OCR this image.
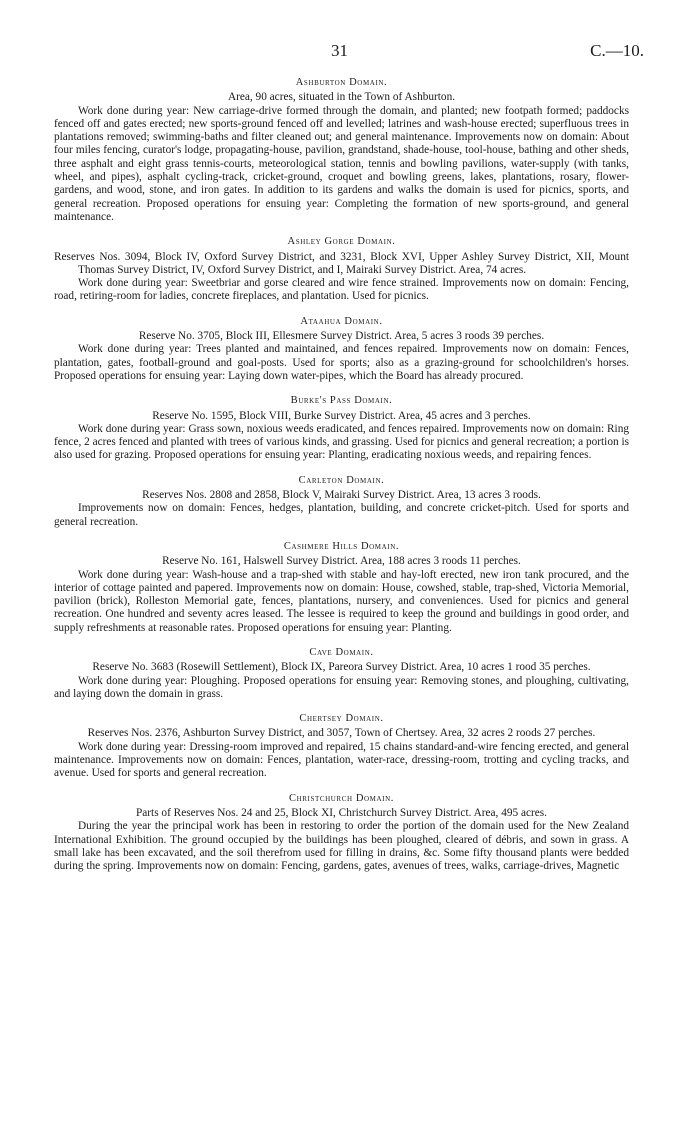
31	C.—10.
Ashburton Domain.

Area, 90 acres, situated in the Town of Ashburton.

Work done during year: New carriage-drive formed through the domain, and planted; new footpath formed; paddocks fenced off and gates erected; new sports-ground fenced off and levelled; latrines and wash-house erected; superfluous trees in plantations removed; swimming-baths and filter cleaned out; and general maintenance. Improvements now on domain: About four miles fencing, curator's lodge, propagating-house, pavilion, grandstand, shade-house, tool-house, bathing and other sheds, three asphalt and eight grass tennis-courts, meteorological station, tennis and bowling pavilions, water-supply (with tanks, wheel, and pipes), asphalt cycling-track, cricket-ground, croquet and bowling greens, lakes, plantations, rosary, flower-gardens, and wood, stone, and iron gates. In addition to its gardens and walks the domain is used for picnics, sports, and general recreation. Proposed operations for ensuing year: Completing the formation of new sports-ground, and general maintenance.

Ashley Gorge Domain.

Reserves Nos. 3094, Block IV, Oxford Survey District, and 3231, Block XVI, Upper Ashley Survey District, XII, Mount Thomas Survey District, IV, Oxford Survey District, and I, Mairaki Survey District. Area, 74 acres.

Work done during year: Sweetbriar and gorse cleared and wire fence strained. Improvements now on domain: Fencing, road, retiring-room for ladies, concrete fireplaces, and plantation. Used for picnics.

Ataahua Domain.

Reserve No. 3705, Block III, Ellesmere Survey District. Area, 5 acres 3 roods 39 perches.

Work done during year: Trees planted and maintained, and fences repaired. Improvements now on domain: Fences, plantation, gates, football-ground and goal-posts. Used for sports; also as a grazing-ground for schoolchildren's horses. Proposed operations for ensuing year: Laying down water-pipes, which the Board has already procured.

Burke's Pass Domain.

Reserve No. 1595, Block VIII, Burke Survey District. Area, 45 acres and 3 perches.

Work done during year: Grass sown, noxious weeds eradicated, and fences repaired. Improvements now on domain: Ring fence, 2 acres fenced and planted with trees of various kinds, and grassing. Used for picnics and general recreation; a portion is also used for grazing. Proposed operations for ensuing year: Planting, eradicating noxious weeds, and repairing fences.

Carleton Domain.

Reserves Nos. 2808 and 2858, Block V, Mairaki Survey District. Area, 13 acres 3 roods.

Improvements now on domain: Fences, hedges, plantation, building, and concrete cricket-pitch. Used for sports and general recreation.

Cashmere Hills Domain.

Reserve No. 161, Halswell Survey District. Area, 188 acres 3 roods 11 perches.

Work done during year: Wash-house and a trap-shed with stable and hay-loft erected, new iron tank procured, and the interior of cottage painted and papered. Improvements now on domain: House, cowshed, stable, trap-shed, Victoria Memorial, pavilion (brick), Rolleston Memorial gate, fences, plantations, nursery, and conveniences. Used for picnics and general recreation. One hundred and seventy acres leased. The lessee is required to keep the ground and buildings in good order, and supply refreshments at reasonable rates. Proposed operations for ensuing year: Planting.

Cave Domain.

Reserve No. 3683 (Rosewill Settlement), Block IX, Pareora Survey District. Area, 10 acres 1 rood 35 perches.

Work done during year: Ploughing. Proposed operations for ensuing year: Removing stones, and ploughing, cultivating, and laying down the domain in grass.

Chertsey Domain.

Reserves Nos. 2376, Ashburton Survey District, and 3057, Town of Chertsey. Area, 32 acres 2 roods 27 perches.

Work done during year: Dressing-room improved and repaired, 15 chains standard-and-wire fencing erected, and general maintenance. Improvements now on domain: Fences, plantation, water-race, dressing-room, trotting and cycling tracks, and avenue. Used for sports and general recreation.

Christchurch Domain.

Parts of Reserves Nos. 24 and 25, Block XI, Christchurch Survey District. Area, 495 acres.

During the year the principal work has been in restoring to order the portion of the domain used for the New Zealand International Exhibition. The ground occupied by the buildings has been ploughed, cleared of débris, and sown in grass. A small lake has been excavated, and the soil therefrom used for filling in drains, &c. Some fifty thousand plants were bedded during the spring. Improvements now on domain: Fencing, gardens, gates, avenues of trees, walks, carriage-drives, Magnetic
